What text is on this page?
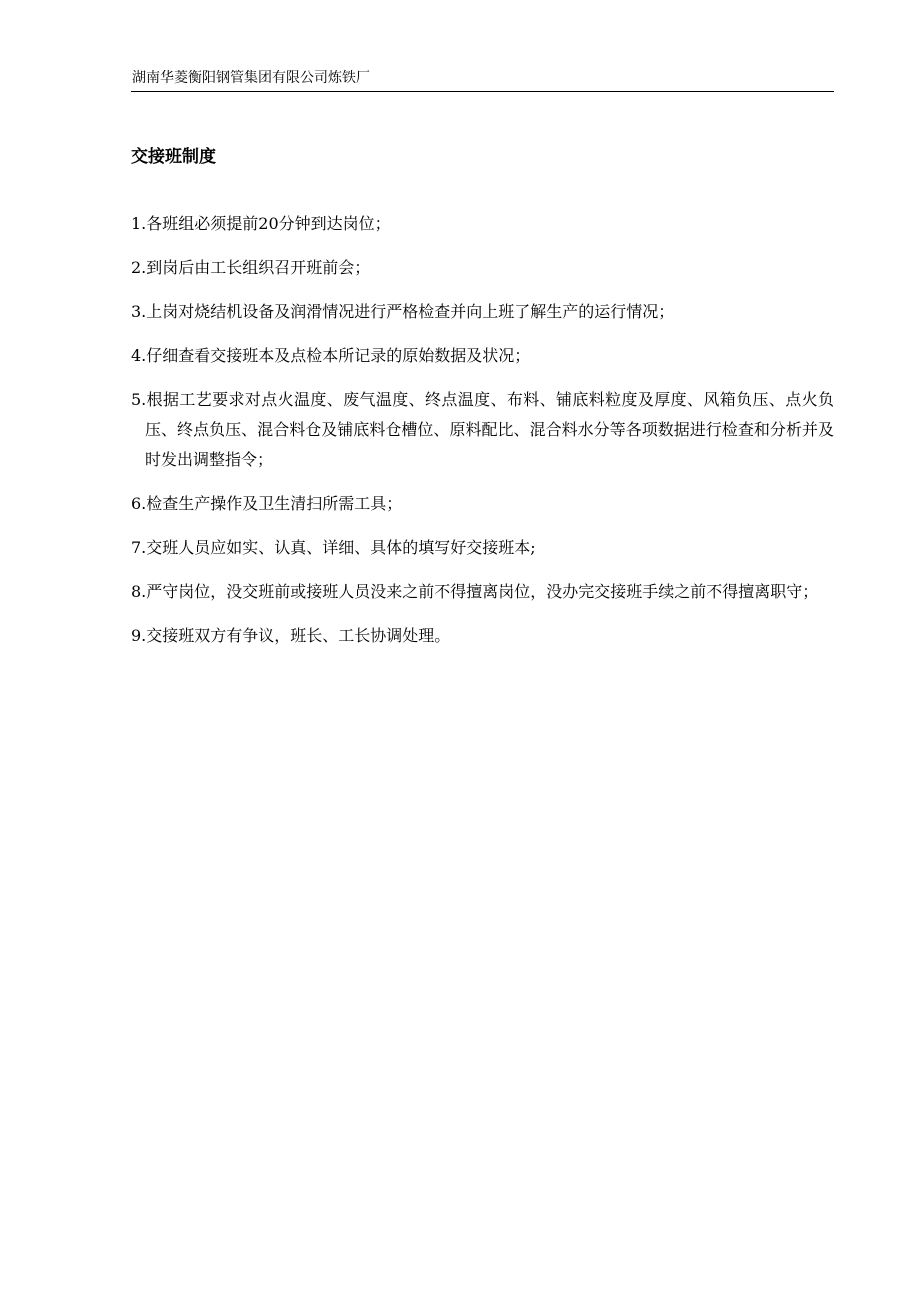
湖南华菱衡阳钢管集团有限公司炼铁厂
交接班制度

1.各班组必须提前20分钟到达岗位；

2.到岗后由工长组织召开班前会；

3.上岗对烧结机设备及润滑情况进行严格检查并向上班了解生产的运行情况；

4.仔细查看交接班本及点检本所记录的原始数据及状况；

5.根据工艺要求对点火温度、废气温度、终点温度、布料、铺底料粒度及厚度、风箱负压、点火负压、终点负压、混合料仓及铺底料仓槽位、原料配比、混合料水分等各项数据进行检查和分析并及时发出调整指令；

6.检查生产操作及卫生清扫所需工具；

7.交班人员应如实、认真、详细、具体的填写好交接班本;

8.严守岗位，没交班前或接班人员没来之前不得擅离岗位，没办完交接班手续之前不得擅离职守；

9.交接班双方有争议，班长、工长协调处理。
